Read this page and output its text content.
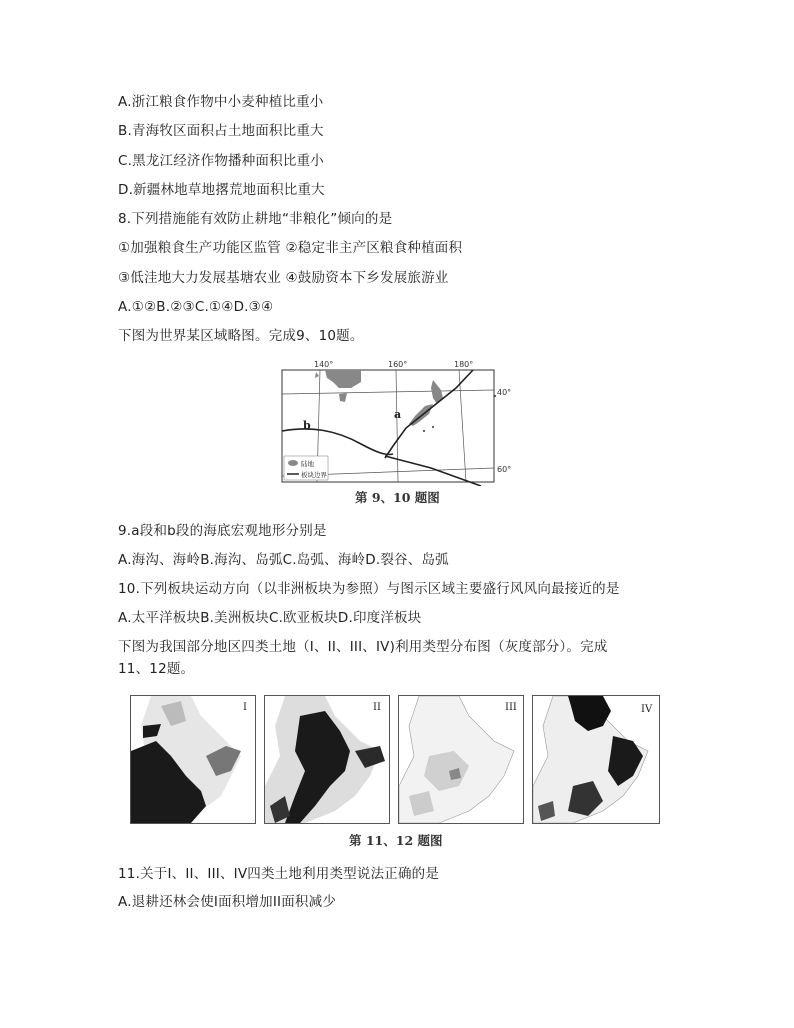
A.浙江粮食作物中小麦种植比重小
B.青海牧区面积占土地面积比重大
C.黑龙江经济作物播种面积比重小
D.新疆林地草地撂荒地面积比重大
8.下列措施能有效防止耕地“非粮化”倾向的是
①加强粮食生产功能区监管 ②稳定非主产区粮食种植面积
③低洼地大力发展基塘农业 ④鼓励资本下乡发展旅游业
A.①②B.②③C.①④D.③④
下图为世界某区域略图。完成9、10题。
140°	160°	180°
40°
60°
a
b
陆地
板块边界
第 9、10 题图
9.a段和b段的海底宏观地形分别是
A.海沟、海岭B.海沟、岛弧C.岛弧、海岭D.裂谷、岛弧
10.下列板块运动方向（以非洲板块为参照）与图示区域主要盛行风风向最接近的是
A.太平洋板块B.美洲板块C.欧亚板块D.印度洋板块
下图为我国部分地区四类土地（I、II、III、IV)利用类型分布图（灰度部分）。完成
11、12题。
I	II	III	IV
第 11、12 题图
11.关于I、II、III、IV四类土地利用类型说法正确的是
A.退耕还林会使I面积增加II面积减少
